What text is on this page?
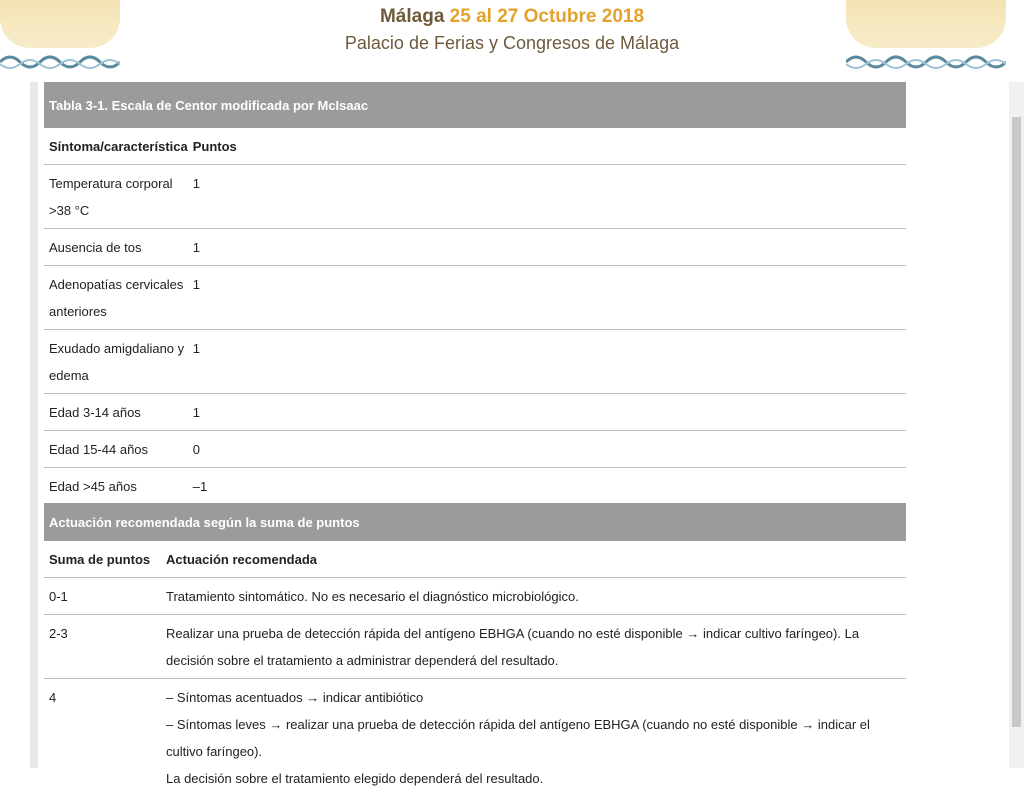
Málaga 25 al 27 Octubre 2018
Palacio de Ferias y Congresos de Málaga
Tabla 3-1. Escala de Centor modificada por McIsaac	
Síntoma/característica	Puntos
Temperatura corporal >38 °C	1
Ausencia de tos	1
Adenopatías cervicales anteriores	1
Exudado amigdaliano y edema	1
Edad 3-14 años	1
Edad 15-44 años	0
Edad >45 años	–1
Actuación recomendada según la suma de puntos	
Suma de puntos	Actuación recomendada
0-1	Tratamiento sintomático. No es necesario el diagnóstico microbiológico.
2-3	Realizar una prueba de detección rápida del antígeno EBHGA (cuando no esté disponible → indicar cultivo faríngeo). La decisión sobre el tratamiento a administrar dependerá del resultado.
4	– Síntomas acentuados → indicar antibiótico
– Síntomas leves → realizar una prueba de detección rápida del antígeno EBHGA (cuando no esté disponible → indicar el cultivo faríngeo).
La decisión sobre el tratamiento elegido dependerá del resultado.
